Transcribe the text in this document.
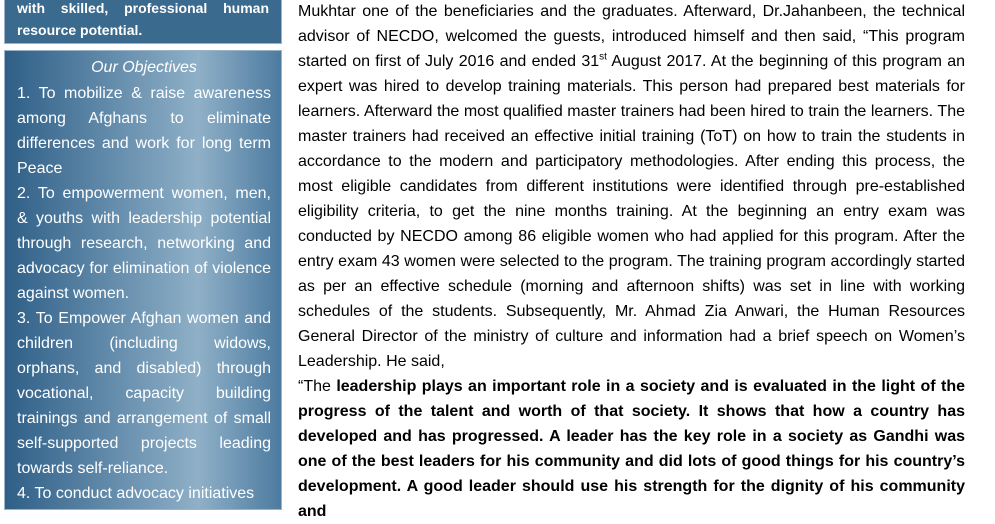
with skilled, professional human resource potential.
Our Objectives

1. To mobilize & raise awareness among Afghans to eliminate differences and work for long term Peace

2. To empowerment women, men, & youths with leadership potential through research, networking and advocacy for elimination of violence against women.

3. To Empower Afghan women and children (including widows, orphans, and disabled) through vocational, capacity building trainings and arrangement of small self-supported projects leading towards self-reliance.

4. To conduct advocacy initiatives

Mukhtar one of the beneficiaries and the graduates. Afterward, Dr.Jahanbeen, the technical advisor of NECDO, welcomed the guests, introduced himself and then said, “This program started on first of July 2016 and ended 31st August 2017. At the beginning of this program an expert was hired to develop training materials. This person had prepared best materials for learners. Afterward the most qualified master trainers had been hired to train the learners. The master trainers had received an effective initial training (ToT) on how to train the students in accordance to the modern and participatory methodologies. After ending this process, the most eligible candidates from different institutions were identified through pre-established eligibility criteria, to get the nine months training. At the beginning an entry exam was conducted by NECDO among 86 eligible women who had applied for this program. After the entry exam 43 women were selected to the program. The training program accordingly started as per an effective schedule (morning and afternoon shifts) was set in line with working schedules of the students. Subsequently, Mr. Ahmad Zia Anwari, the Human Resources General Director of the ministry of culture and information had a brief speech on Women’s Leadership. He said,

“The leadership plays an important role in a society and is evaluated in the light of the progress of the talent and worth of that society. It shows that how a country has developed and has progressed. A leader has the key role in a society as Gandhi was one of the best leaders for his community and did lots of good things for his country’s development. A good leader should use his strength for the dignity of his community and
